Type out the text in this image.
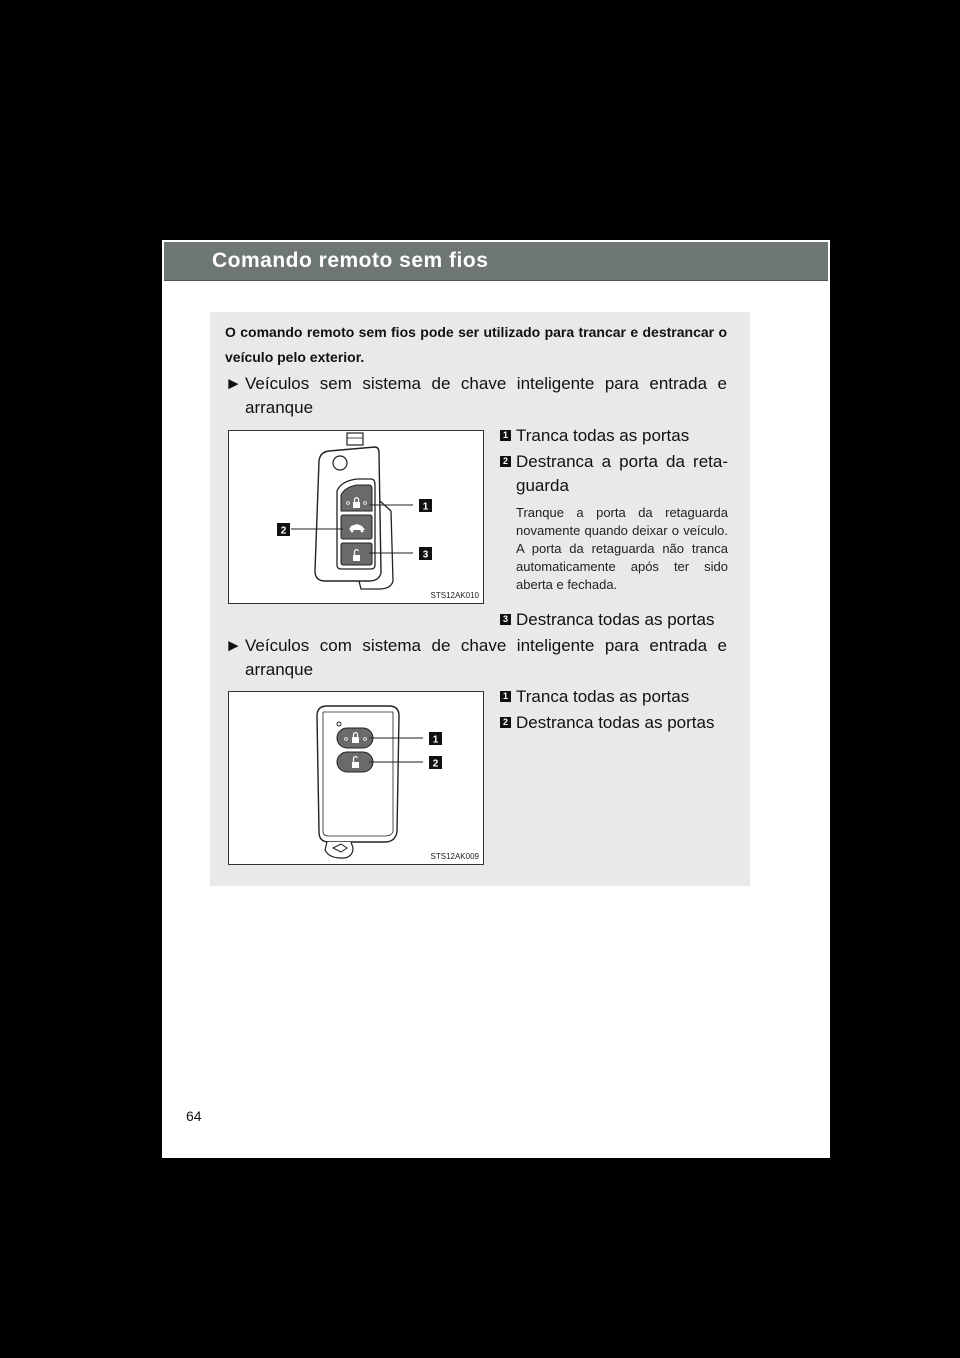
Comando remoto sem fios
O comando remoto sem fios pode ser utilizado para trancar e destrancar o veículo pelo exterior.
► Veículos sem sistema de chave inteligente para entrada e arranque
1
2
3
STS12AK010
1 Tranca todas as portas
2 Destranca a porta da reta-guarda
Tranque a porta da retaguarda novamente quando deixar o veículo. A porta da retaguarda não tranca automaticamente após ter sido aberta e fechada.
3 Destranca todas as portas
► Veículos com sistema de chave inteligente para entrada e arranque
1
2
STS12AK009
1 Tranca todas as portas
2 Destranca todas as portas
64
